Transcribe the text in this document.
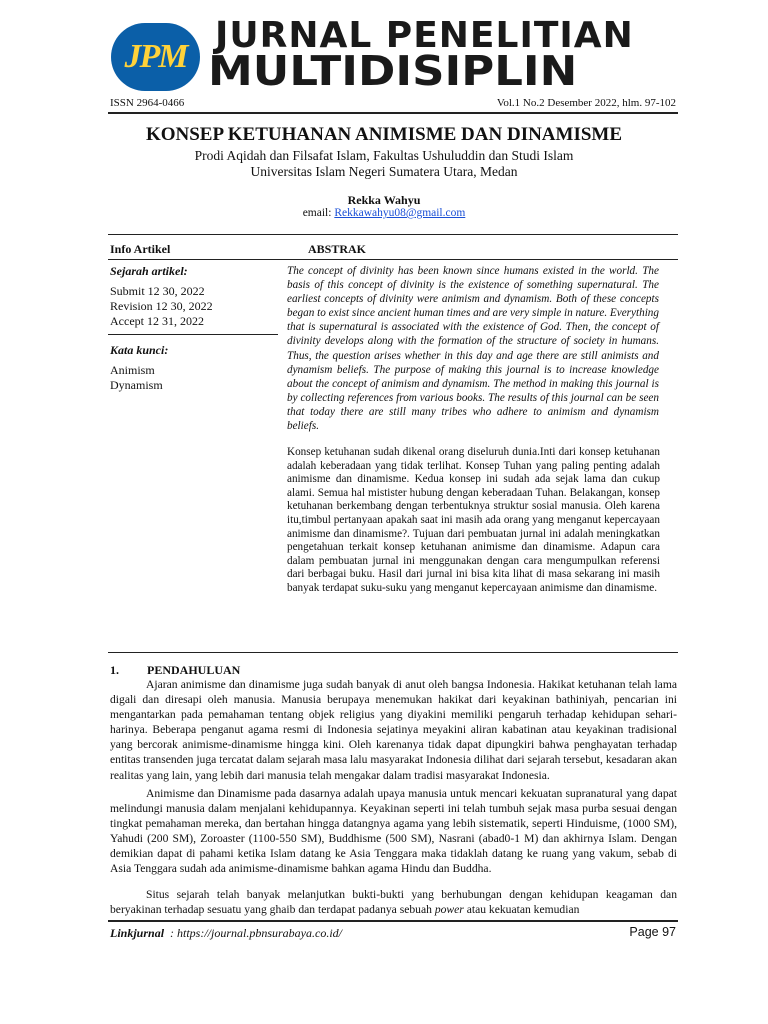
JPM
JURNAL PENELITIAN
MULTIDISIPLIN
ISSN 2964-0466	Vol.1 No.2 Desember 2022, hlm. 97-102
KONSEP KETUHANAN ANIMISME DAN DINAMISME
Prodi Aqidah dan Filsafat Islam, Fakultas Ushuluddin dan Studi Islam
Universitas Islam Negeri Sumatera Utara, Medan
Rekka Wahyu
email: Rekkawahyu08@gmail.com
Info Artikel	ABSTRAK
Sejarah artikel:
Submit 12 30, 2022
Revision 12 30, 2022
Accept 12 31, 2022
Kata kunci:
Animism
Dynamism
The concept of divinity has been known since humans existed in the world. The basis of this concept of divinity is the existence of something supernatural. The earliest concepts of divinity were animism and dynamism. Both of these concepts began to exist since ancient human times and are very simple in nature. Everything that is supernatural is associated with the existence of God. Then, the concept of divinity develops along with the formation of the structure of society in humans. Thus, the question arises whether in this day and age there are still animists and dynamism beliefs. The purpose of making this journal is to increase knowledge about the concept of animism and dynamism. The method in making this journal is by collecting references from various books. The results of this journal can be seen that today there are still many tribes who adhere to animism and dynamism beliefs.
Konsep ketuhanan sudah dikenal orang diseluruh dunia.Inti dari konsep ketuhanan adalah keberadaan yang tidak terlihat. Konsep Tuhan yang paling penting adalah animisme dan dinamisme. Kedua konsep ini sudah ada sejak lama dan cukup alami. Semua hal mistister hubung dengan keberadaan Tuhan. Belakangan, konsep ketuhanan berkembang dengan terbentuknya struktur sosial manusia. Oleh karena itu,timbul pertanyaan apakah saat ini masih ada orang yang menganut kepercayaan animisme dan dinamisme?. Tujuan dari pembuatan jurnal ini adalah meningkatkan pengetahuan terkait konsep ketuhanan animisme dan dinamisme. Adapun cara dalam pembuatan jurnal ini menggunakan dengan cara mengumpulkan referensi dari berbagai buku. Hasil dari jurnal ini bisa kita lihat di masa sekarang ini masih banyak terdapat suku-suku yang menganut kepercayaan animisme dan dinamisme.
1. PENDAHULUAN
Ajaran animisme dan dinamisme juga sudah banyak di anut oleh bangsa Indonesia. Hakikat ketuhanan telah lama digali dan diresapi oleh manusia. Manusia berupaya menemukan hakikat dari keyakinan bathiniyah, pencarian ini mengantarkan pada pemahaman tentang objek religius yang diyakini memiliki pengaruh terhadap kehidupan sehari-harinya. Beberapa penganut agama resmi di Indonesia sejatinya meyakini aliran kabatinan atau keyakinan tradisional yang bercorak animisme-dinamisme hingga kini. Oleh karenanya tidak dapat dipungkiri bahwa penghayatan terhadap entitas transenden juga tercatat dalam sejarah masa lalu masyarakat Indonesia dilihat dari sejarah tersebut, kesadaran akan realitas yang lain, yang lebih dari manusia telah mengakar dalam tradisi masyarakat Indonesia.
Animisme dan Dinamisme pada dasarnya adalah upaya manusia untuk mencari kekuatan supranatural yang dapat melindungi manusia dalam menjalani kehidupannya. Keyakinan seperti ini telah tumbuh sejak masa purba sesuai dengan tingkat pemahaman mereka, dan bertahan hingga datangnya agama yang lebih sistematik, seperti Hinduisme, (1000 SM), Yahudi (200 SM), Zoroaster (1100-550 SM), Buddhisme (500 SM), Nasrani (abad0-1 M) dan akhirnya Islam. Dengan demikian dapat di pahami ketika Islam datang ke Asia Tenggara maka tidaklah datang ke ruang yang vakum, sebab di Asia Tenggara sudah ada animisme-dinamisme bahkan agama Hindu dan Buddha.
Situs sejarah telah banyak melanjutkan bukti-bukti yang berhubungan dengan kehidupan keagaman dan beryakinan terhadap sesuatu yang ghaib dan terdapat padanya sebuah power atau kekuatan kemudian
Linkjurnal : https://journal.pbnsurabaya.co.id/	Page 97
